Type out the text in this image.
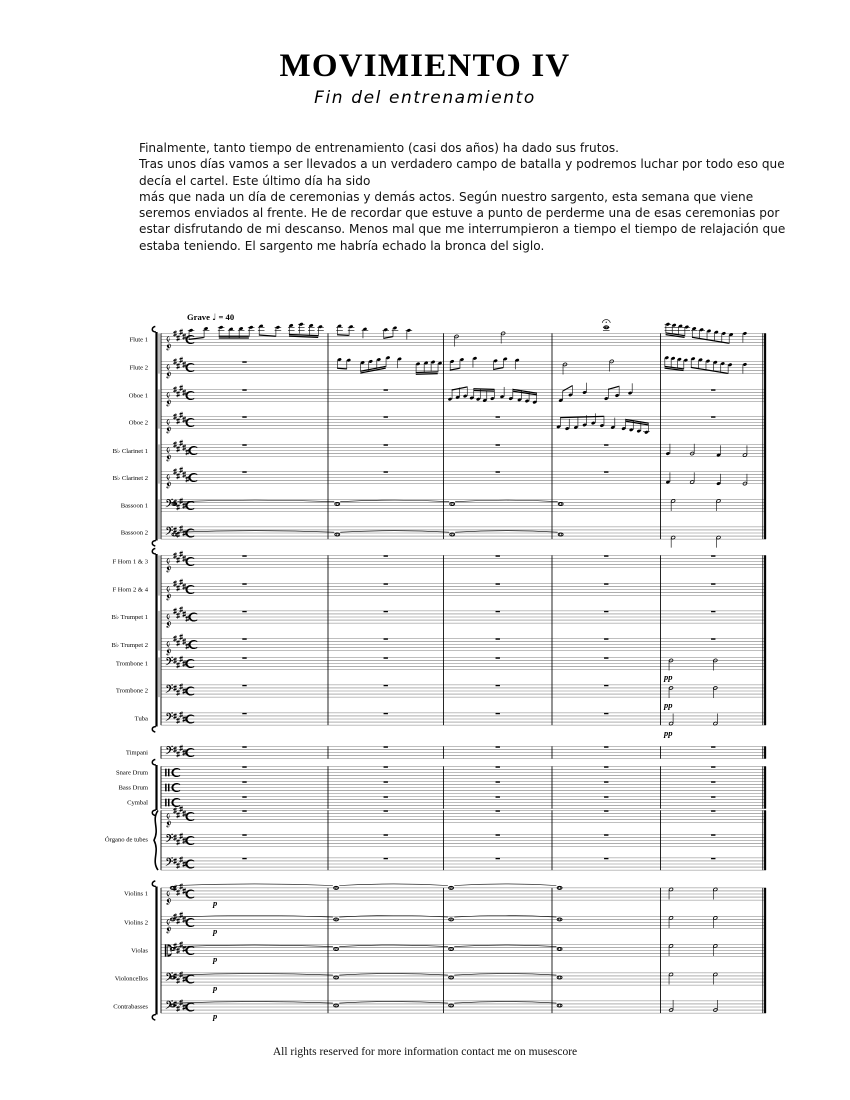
MOVIMIENTO IV
Fin del entrenamiento

Finalmente, tanto tiempo de entrenamiento (casi dos años) ha dado sus frutos.

Tras unos días vamos a ser llevados a un verdadero campo de batalla y podremos luchar por todo eso que decía el cartel. Este último día ha sido

más que nada un día de ceremonias y demás actos. Según nuestro sargento, esta semana que viene seremos enviados al frente. He de recordar que estuve a punto de perderme una de esas ceremonias por estar disfrutando de mi descanso. Menos mal que me interrumpieron a tiempo el tiempo de relajación que estaba teniendo. El sargento me habría echado la bronca del siglo.

Grave ♩ = 40
Flute 1
Flute 2
Oboe 1
Oboe 2
B♭ Clarinet 1
B♭ Clarinet 2
Bassoon 1
Bassoon 2
F Horn 1 & 3
F Horn 2 & 4
B♭ Trumpet 1
B♭ Trumpet 2
Trombone 1
Trombone 2
Tuba
Timpani
Snare Drum
Bass Drum
Cymbal
Violins 1
Violins 2
Violas
Violoncellos
Contrabasses
Órgano de tubes
pp
pp
pp
p
p
p
p
p
All rights reserved for more information contact me on musescore
